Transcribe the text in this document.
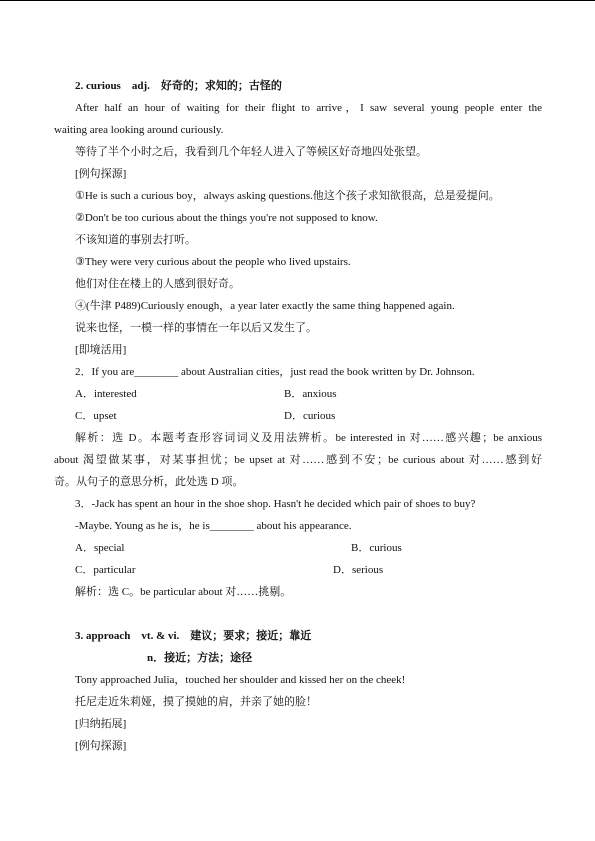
2. curious　adj.　好奇的；求知的；古怪的
After half an hour of waiting for their flight to arrive，I saw several young people enter the
waiting area looking around curiously.
等待了半个小时之后，我看到几个年轻人进入了等候区好奇地四处张望。
[例句探源]
①He is such a curious boy，always asking questions.他这个孩子求知欲很高，总是爱提问。
②Don't be too curious about the things you're not supposed to know.
不该知道的事别去打听。
③They were very curious about the people who lived upstairs.
他们对住在楼上的人感到很好奇。
④(牛津 P489)Curiously enough，a year later exactly the same thing happened again.
说来也怪，一模一样的事情在一年以后又发生了。
[即境活用]
2．If you are________ about Australian cities，just read the book written by Dr. Johnson.
A．interested	B．anxious
C．upset	D．curious
解析：选 D。本题考查形容词词义及用法辨析。be interested in 对……感兴趣；be anxious
about 渴望做某事，对某事担忧；be upset at 对……感到不安；be curious about 对……感到好
奇。从句子的意思分析，此处选 D 项。
3．-Jack has spent an hour in the shoe shop. Hasn't he decided which pair of shoes to buy?
-Maybe. Young as he is，he is________ about his appearance.
A．special	B．curious
C．particular	D．serious
解析：选 C。be particular about 对……挑剔。
3. approach　vt. & vi.　建议；要求；接近；靠近
n．接近；方法；途径
Tony approached Julia，touched her shoulder and kissed her on the cheek!
托尼走近朱莉娅，摸了摸她的肩，并亲了她的脸！
[归纳拓展]
[例句探源]
